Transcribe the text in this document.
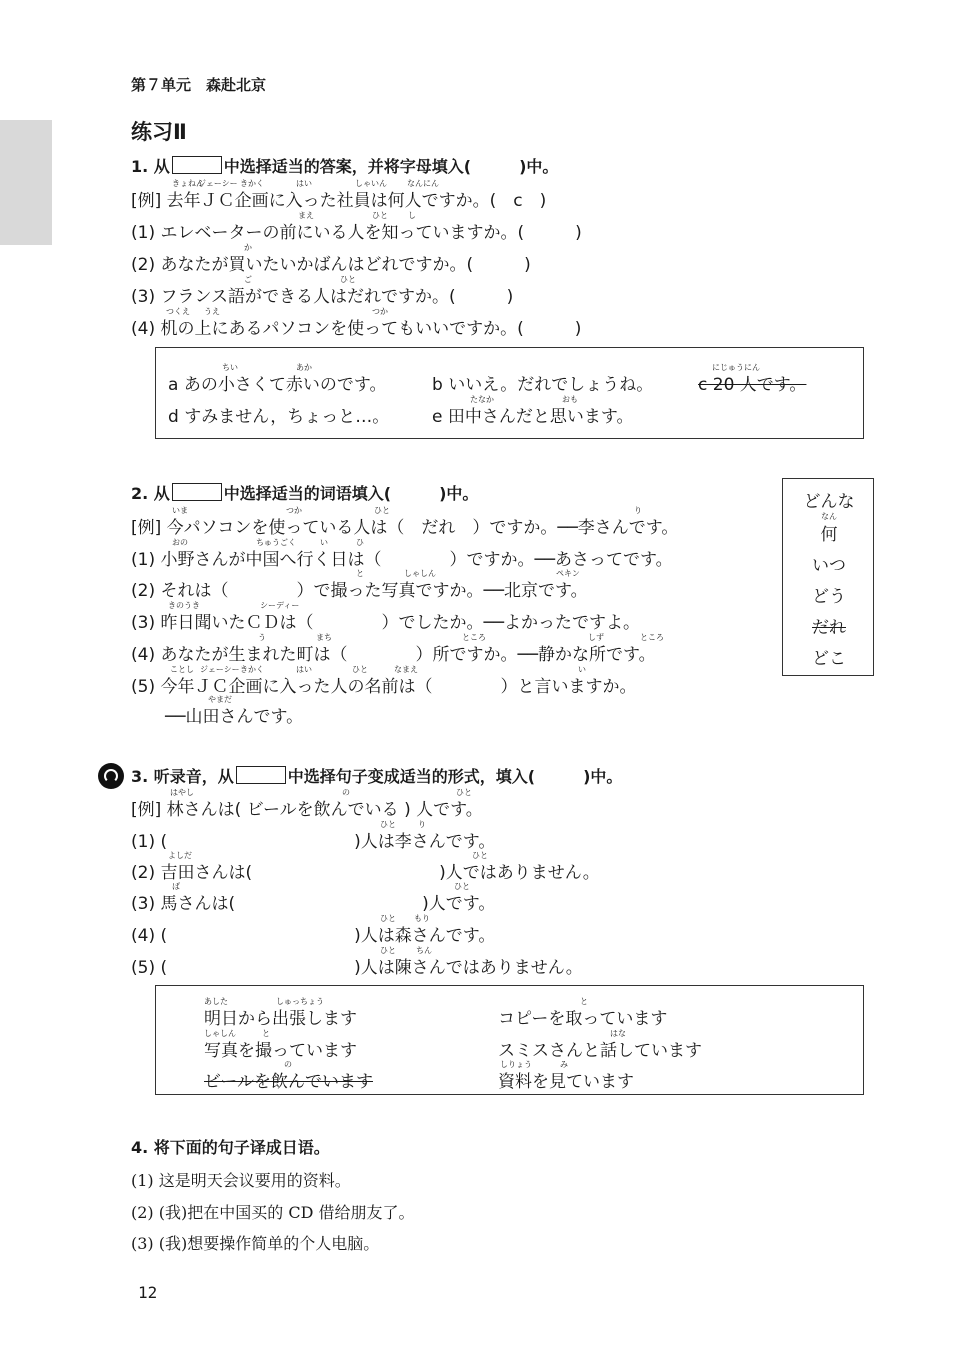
第７单元　森赴北京
练习Ⅱ
1. 从	中选择适当的答案，并将字母填入(　　　)中。
きょねん
ジェーシー きかく	はい	しゃいん	なんにん
[例] 去年ＪＣ企画に入った社員は何人ですか。(　c　)
まえ	ひと	し
(1) エレベーターの前にいる人を知っていますか。(　　　)
か
(2) あなたが買いたいかばんはどれですか。(　　　)
ご	ひと
(3) フランス語ができる人はだれですか。(　　　)
つくえ うえ	つか
(4) 机の上にあるパソコンを使ってもいいですか。(　　　)
ちい	あか	にじゅうにん
a あの小さくて赤いのです。	b いいえ。だれでしょうね。	c 20 人です。
たなか	おも
d すみません，ちょっと…。	e 田中さんだと思います。
2. 从	中选择适当的词语填入(　　　)中。
いま	つか	ひと	り
[例] 今パソコンを使っている人は（　だれ　）ですか。──李さんです。
おの	ちゅうごく	い	ひ
(1) 小野さんが中国へ行く日は（　　　　）ですか。──あさってです。
と	しゃしん	ペキン
(2) それは（　　　　）で撮った写真ですか。──北京です。
きのうき	シーディー
(3) 昨日聞いたＣＤは（　　　　）でしたか。──よかったですよ。
う	まち	ところ	しず	ところ
(4) あなたが生まれた町は（　　　　）所ですか。──静かな所です。
ことし ジェーシー きかく	はい	ひと	なまえ	い
(5) 今年ＪＣ企画に入った人の名前は（　　　　）と言いますか。
やまだ
──山田さんです。
どんな
なん
何
いつ
どう
だれ
どこ
3. 听录音，从	中选择句子变成适当的形式，填入(　　　)中。
はやし	の	ひと
[例] 林さんは( ビールを飲んでいる ) 人です。
ひと	り
(1) (　　　　　　　　　　　)人は李さんです。
よしだ	ひと
(2) 吉田さんは(　　　　　　　　　　　)人ではありません。
ば	ひと
(3) 馬さんは(　　　　　　　　　　　)人です。
ひと もり
(4) (　　　　　　　　　　　)人は森さんです。
ひと	ちん
(5) (　　　　　　　　　　　)人は陳さんではありません。
あした	しゅっちょう	と
明日から出張します	コピーを取っています
しゃしん	と	はな
写真を撮っています	スミスさんと話しています
の	しりょう	み
ビールを飲んでいます	資料を見ています
4. 将下面的句子译成日语。
(1) 这是明天会议要用的资料。
(2) (我)把在中国买的 CD 借给朋友了。
(3) (我)想要操作简单的个人电脑。
12
